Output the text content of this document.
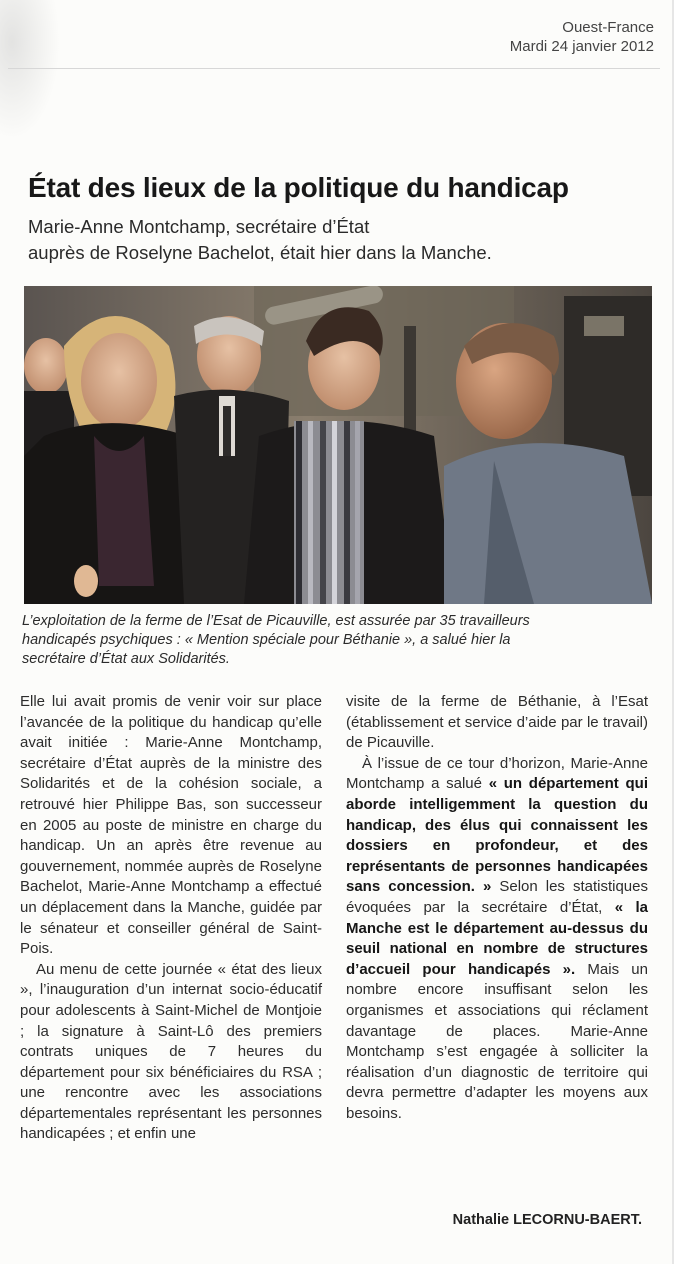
Ouest-France
Mardi 24 janvier 2012
État des lieux de la politique du handicap
Marie-Anne Montchamp, secrétaire d’État
auprès de Roselyne Bachelot, était hier dans la Manche.
L’exploitation de la ferme de l’Esat de Picauville, est assurée par 35 travailleurs
handicapés psychiques : « Mention spéciale pour Béthanie », a salué hier la
secrétaire d’État aux Solidarités.

Elle lui avait promis de venir voir sur place l’avancée de la politique du handicap qu’elle avait initiée : Marie-Anne Montchamp, secrétaire d’État auprès de la ministre des Solidarités et de la cohésion sociale, a retrouvé hier Philippe Bas, son successeur en 2005 au poste de ministre en charge du handicap. Un an après être revenue au gouvernement, nommée auprès de Roselyne Bachelot, Marie-Anne Montchamp a effectué un déplacement dans la Manche, guidée par le sénateur et conseiller général de Saint-Pois.

Au menu de cette journée « état des lieux », l’inauguration d’un internat socio-éducatif pour adolescents à Saint-Michel de Montjoie ; la signature à Saint-Lô des premiers contrats uniques de 7 heures du département pour six bénéficiaires du RSA ; une rencontre avec les associations départementales représentant les personnes handicapées ; et enfin une

visite de la ferme de Béthanie, à l’Esat (établissement et service d’aide par le travail) de Picauville.

À l’issue de ce tour d’horizon, Marie-Anne Montchamp a salué « un département qui aborde intelligemment la question du handicap, des élus qui connaissent les dossiers en profondeur, et des représentants de personnes handicapées sans concession. » Selon les statistiques évoquées par la secrétaire d’État, « la Manche est le département au-dessus du seuil national en nombre de structures d’accueil pour handicapés ». Mais un nombre encore insuffisant selon les organismes et associations qui réclament davantage de places. Marie-Anne Montchamp s’est engagée à solliciter la réalisation d’un diagnostic de territoire qui devra permettre d’adapter les moyens aux besoins.

Nathalie LECORNU-BAERT.
